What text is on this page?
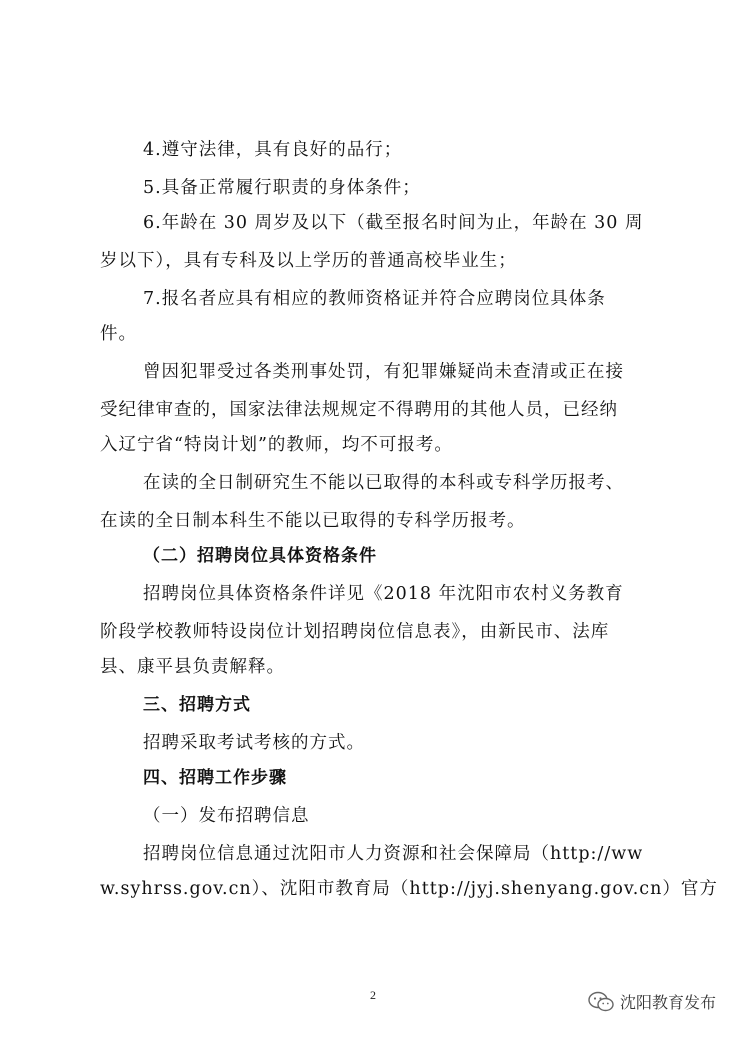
4.遵守法律，具有良好的品行；
5.具备正常履行职责的身体条件；
6.年龄在 30 周岁及以下（截至报名时间为止，年龄在 30 周
岁以下），具有专科及以上学历的普通高校毕业生；
7.报名者应具有相应的教师资格证并符合应聘岗位具体条
件。
曾因犯罪受过各类刑事处罚，有犯罪嫌疑尚未查清或正在接
受纪律审查的，国家法律法规规定不得聘用的其他人员，已经纳
入辽宁省“特岗计划”的教师，均不可报考。
在读的全日制研究生不能以已取得的本科或专科学历报考、
在读的全日制本科生不能以已取得的专科学历报考。
（二）招聘岗位具体资格条件
招聘岗位具体资格条件详见《2018 年沈阳市农村义务教育
阶段学校教师特设岗位计划招聘岗位信息表》，由新民市、法库
县、康平县负责解释。
三、招聘方式
招聘采取考试考核的方式。
四、招聘工作步骤
（一）发布招聘信息
招聘岗位信息通过沈阳市人力资源和社会保障局（http://ww
w.syhrss.gov.cn）、沈阳市教育局（http://jyj.shenyang.gov.cn）官方
2	沈阳教育发布
